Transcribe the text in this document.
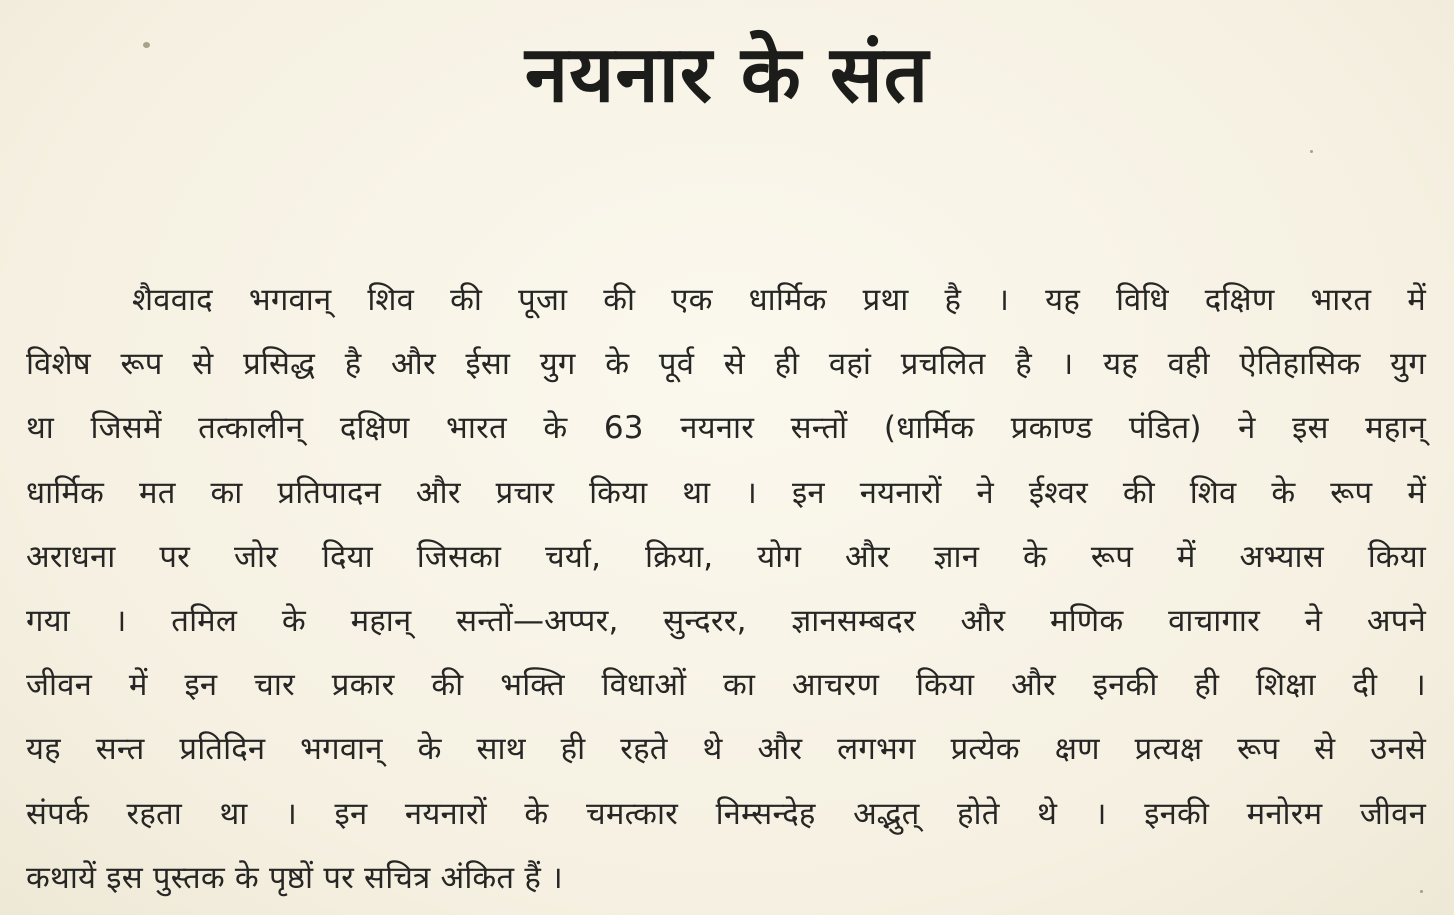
नयनार के संत
शैववाद भगवान् शिव की पूजा की एक धार्मिक प्रथा है । यह विधि दक्षिण भारत में
विशेष रूप से प्रसिद्ध है और ईसा युग के पूर्व से ही वहां प्रचलित है । यह वही ऐतिहासिक युग
था जिसमें तत्कालीन् दक्षिण भारत के 63 नयनार सन्तों (धार्मिक प्रकाण्ड पंडित) ने इस महान्
धार्मिक मत का प्रतिपादन और प्रचार किया था । इन नयनारों ने ईश्वर की शिव के रूप में
अराधना पर जोर दिया जिसका चर्या, क्रिया, योग और ज्ञान के रूप में अभ्यास किया
गया । तमिल के महान् सन्तों—अप्पर, सुन्दरर, ज्ञानसम्बदर और मणिक वाचागार ने अपने
जीवन में इन चार प्रकार की भक्ति विधाओं का आचरण किया और इनकी ही शिक्षा दी ।
यह सन्त प्रतिदिन भगवान् के साथ ही रहते थे और लगभग प्रत्येक क्षण प्रत्यक्ष रूप से उनसे
संपर्क रहता था । इन नयनारों के चमत्कार निम्सन्देह अद्भुत् होते थे । इनकी मनोरम जीवन
कथायें इस पुस्तक के पृष्ठों पर सचित्र अंकित हैं ।
